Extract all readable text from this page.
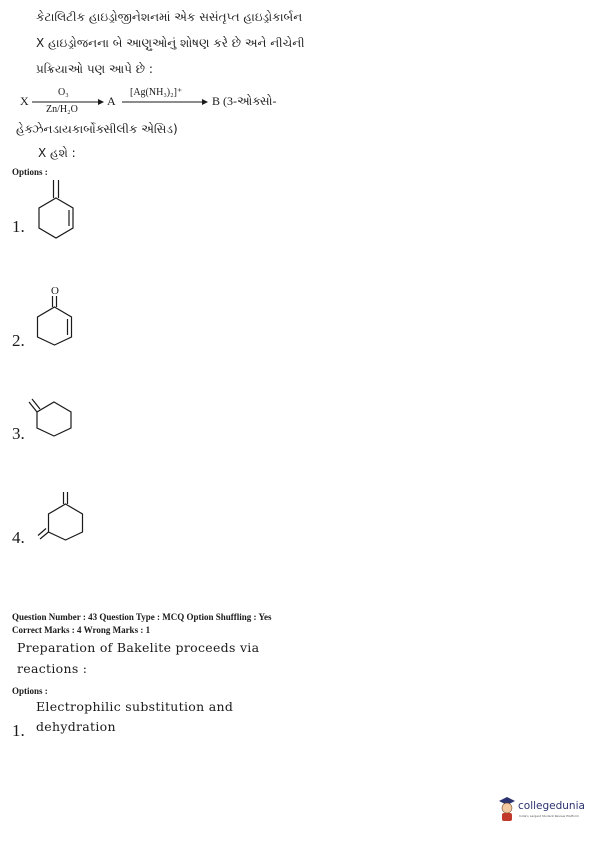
કેટાલિટીક હાઇડ્રોજીનેશનમાં એક સસંતૃપ્ત હાઇડ્રોકાર્બન
X હાઇડ્રોજનના બે આણુઓનું શોષણ કરે છે અને નીચેની
પ્રક્રિયાઓ પણ આપે છે :
X
O₃
Zn/H₂O
A
[Ag(NH₃)₂]⁺
B (3-ઓક્સો-
હેક્ઝેનડાયકાર્બોક્સીલીક એસિડ)
X હશે :
Options :
1.
2.
O
3.
4.
Question Number : 43 Question Type : MCQ Option Shuffling : Yes
Correct Marks : 4 Wrong Marks : 1
Preparation of Bakelite proceeds via
reactions :
Options :
Electrophilic substitution and
1. dehydration
collegedunia
India's Largest Student Review Platform
